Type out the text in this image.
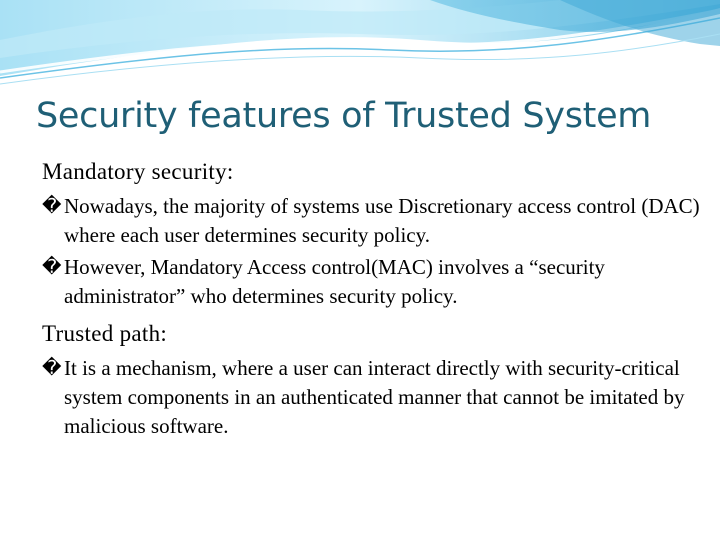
Security features of Trusted System

Mandatory security:

� Nowadays, the majority of systems use Discretionary access control (DAC) where each user determines security policy.
� However, Mandatory Access control(MAC) involves a “security administrator” who determines security policy.

Trusted path:

� It is a mechanism, where a user can interact directly with security-critical system components in an authenticated manner that cannot be imitated by malicious software.
